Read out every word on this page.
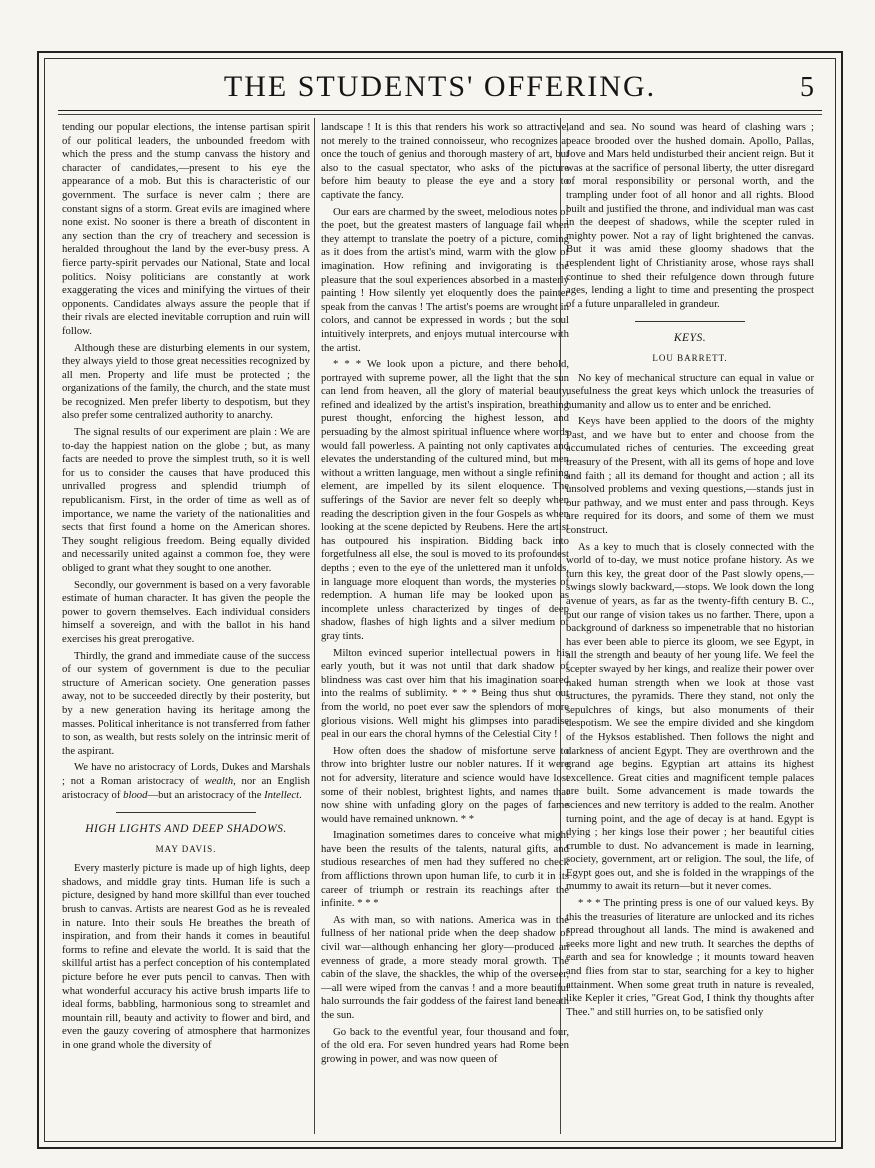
THE STUDENTS' OFFERING.	5

tending our popular elections, the intense partisan spirit of our political leaders, the unbounded freedom with which the press and the stump canvass the history and character of candidates,—present to his eye the appearance of a mob. But this is characteristic of our government. The surface is never calm ; there are constant signs of a storm. Great evils are imagined where none exist. No sooner is there a breath of discontent in any section than the cry of treachery and secession is heralded throughout the land by the ever-busy press. A fierce party-spirit pervades our National, State and local politics. Noisy politicians are constantly at work exaggerating the vices and minifying the virtues of their opponents. Candidates always assure the people that if their rivals are elected inevitable corruption and ruin will follow.

Although these are disturbing elements in our system, they always yield to those great necessities recognized by all men. Property and life must be protected ; the organizations of the family, the church, and the state must be recognized. Men prefer liberty to despotism, but they also prefer some centralized authority to anarchy.

The signal results of our experiment are plain : We are to-day the happiest nation on the globe ; but, as many facts are needed to prove the simplest truth, so it is well for us to consider the causes that have produced this unrivalled progress and splendid triumph of republicanism. First, in the order of time as well as of importance, we name the variety of the nationalities and sects that first found a home on the American shores. They sought religious freedom. Being equally divided and necessarily united against a common foe, they were obliged to grant what they sought to one another.

Secondly, our government is based on a very favorable estimate of human character. It has given the people the power to govern themselves. Each individual considers himself a sovereign, and with the ballot in his hand exercises his great prerogative.

Thirdly, the grand and immediate cause of the success of our system of government is due to the peculiar structure of American society. One generation passes away, not to be succeeded directly by their posterity, but by a new generation having its heritage among the masses. Political inheritance is not transferred from father to son, as wealth, but rests solely on the intrinsic merit of the aspirant.

We have no aristocracy of Lords, Dukes and Marshals ; not a Roman aristocracy of wealth, nor an English aristocracy of blood—but an aristocracy of the Intellect.

HIGH LIGHTS AND DEEP SHADOWS.
MAY DAVIS.

Every masterly picture is made up of high lights, deep shadows, and middle gray tints. Human life is such a picture, designed by hand more skillful than ever touched brush to canvas. Artists are nearest God as he is revealed in nature. Into their souls He breathes the breath of inspiration, and from their hands it comes in beautiful forms to refine and elevate the world. It is said that the skillful artist has a perfect conception of his contemplated picture before he ever puts pencil to canvas. Then with what wonderful accuracy his active brush imparts life to ideal forms, babbling, harmonious song to streamlet and mountain rill, beauty and activity to flower and bird, and even the gauzy covering of atmosphere that harmonizes in one grand whole the diversity of

landscape ! It is this that renders his work so attractive, not merely to the trained connoisseur, who recognizes at once the touch of genius and thorough mastery of art, but also to the casual spectator, who asks of the picture before him beauty to please the eye and a story to captivate the fancy.

Our ears are charmed by the sweet, melodious notes of the poet, but the greatest masters of language fail when they attempt to translate the poetry of a picture, coming as it does from the artist's mind, warm with the glow of imagination. How refining and invigorating is the pleasure that the soul experiences absorbed in a masterly painting ! How silently yet eloquently does the painter speak from the canvas ! The artist's poems are wrought in colors, and cannot be expressed in words ; but the soul intuitively interprets, and enjoys mutual intercourse with the artist.

* * * We look upon a picture, and there behold, portrayed with supreme power, all the light that the sun can lend from heaven, all the glory of material beauty, refined and idealized by the artist's inspiration, breathing purest thought, enforcing the highest lesson, and persuading by the almost spiritual influence where words would fall powerless. A painting not only captivates and elevates the understanding of the cultured mind, but men without a written language, men without a single refining element, are impelled by its silent eloquence. The sufferings of the Savior are never felt so deeply when reading the description given in the four Gospels as when looking at the scene depicted by Reubens. Here the artist has outpoured his inspiration. Bidding back into forgetfulness all else, the soul is moved to its profoundest depths ; even to the eye of the unlettered man it unfolds, in language more eloquent than words, the mysteries of redemption. A human life may be looked upon as incomplete unless characterized by tinges of deep shadow, flashes of high lights and a silver medium of gray tints.

Milton evinced superior intellectual powers in his early youth, but it was not until that dark shadow of blindness was cast over him that his imagination soared into the realms of sublimity. * * * Being thus shut out from the world, no poet ever saw the splendors of more glorious visions. Well might his glimpses into paradise peal in our ears the choral hymns of the Celestial City !

How often does the shadow of misfortune serve to throw into brighter lustre our nobler natures. If it were not for adversity, literature and science would have lost some of their noblest, brightest lights, and names that now shine with unfading glory on the pages of fame would have remained unknown. * *

Imagination sometimes dares to conceive what might have been the results of the talents, natural gifts, and studious researches of men had they suffered no check from afflictions thrown upon human life, to curb it in its career of triumph or restrain its reachings after the infinite. * * *

As with man, so with nations. America was in the fullness of her national pride when the deep shadow of civil war—although enhancing her glory—produced an evenness of grade, a more steady moral growth. The cabin of the slave, the shackles, the whip of the overseer,—all were wiped from the canvas ! and a more beautiful halo surrounds the fair goddess of the fairest land beneath the sun.

Go back to the eventful year, four thousand and four, of the old era. For seven hundred years had Rome been growing in power, and was now queen of

land and sea. No sound was heard of clashing wars ; peace brooded over the hushed domain. Apollo, Pallas, Jove and Mars held undisturbed their ancient reign. But it was at the sacrifice of personal liberty, the utter disregard of moral responsibility or personal worth, and the trampling under foot of all honor and all rights. Blood built and justified the throne, and individual man was cast in the deepest of shadows, while the scepter ruled in mighty power. Not a ray of light brightened the canvas. But it was amid these gloomy shadows that the resplendent light of Christianity arose, whose rays shall continue to shed their refulgence down through future ages, lending a light to time and presenting the prospect of a future unparalleled in grandeur.

KEYS.
LOU BARRETT.

No key of mechanical structure can equal in value or usefulness the great keys which unlock the treasuries of humanity and allow us to enter and be enriched.

Keys have been applied to the doors of the mighty Past, and we have but to enter and choose from the accumulated riches of centuries. The exceeding great treasury of the Present, with all its gems of hope and love and faith ; all its demand for thought and action ; all its unsolved problems and vexing questions,—stands just in our pathway, and we must enter and pass through. Keys are required for its doors, and some of them we must construct.

As a key to much that is closely connected with the world of to-day, we must notice profane history. As we turn this key, the great door of the Past slowly opens,—swings slowly backward,—stops. We look down the long avenue of years, as far as the twenty-fifth century B. C., but our range of vision takes us no farther. There, upon a background of darkness so impenetrable that no historian has ever been able to pierce its gloom, we see Egypt, in all the strength and beauty of her young life. We feel the scepter swayed by her kings, and realize their power over naked human strength when we look at those vast structures, the pyramids. There they stand, not only the sepulchres of kings, but also monuments of their despotism. We see the empire divided and she kingdom of the Hyksos established. Then follows the night and darkness of ancient Egypt. They are overthrown and the grand age begins. Egyptian art attains its highest excellence. Great cities and magnificent temple palaces are built. Some advancement is made towards the sciences and new territory is added to the realm. Another turning point, and the age of decay is at hand. Egypt is dying ; her kings lose their power ; her beautiful cities crumble to dust. No advancement is made in learning, society, government, art or religion. The soul, the life, of Egypt goes out, and she is folded in the wrappings of the mummy to await its return—but it never comes.

* * * The printing press is one of our valued keys. By this the treasuries of literature are unlocked and its riches spread throughout all lands. The mind is awakened and seeks more light and new truth. It searches the depths of earth and sea for knowledge ; it mounts toward heaven and flies from star to star, searching for a key to higher attainment. When some great truth in nature is revealed, like Kepler it cries, "Great God, I think thy thoughts after Thee." and still hurries on, to be satisfied only
